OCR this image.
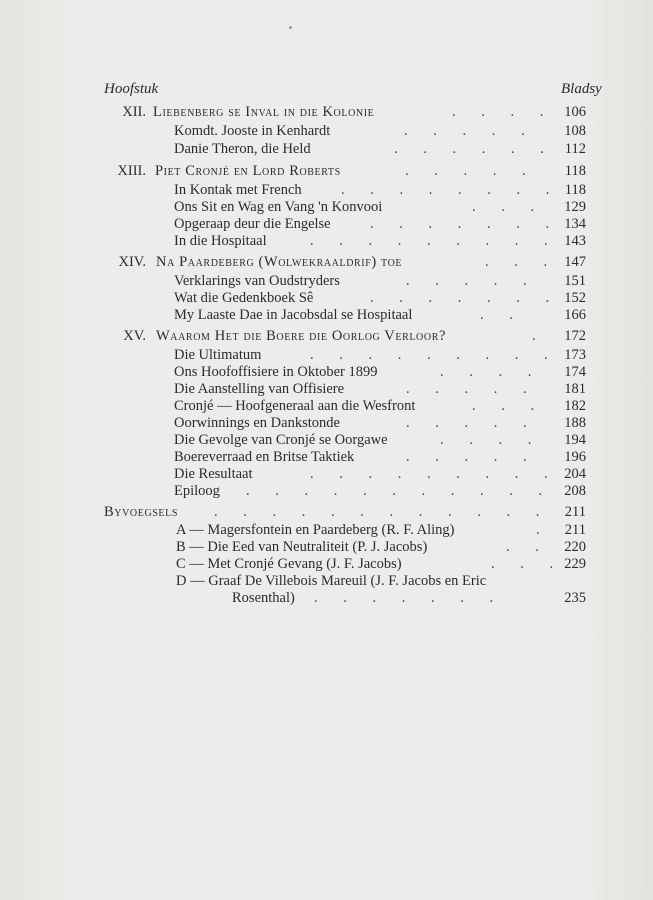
Hoofstuk	Bladsy
XII. Liebenberg se Inval in die Kolonie	. . . . 106
Komdt. Jooste in Kenhardt	. . . . . 108
Danie Theron, die Held	. . . . . . 112
XIII. Piet Cronjé en Lord Roberts	. . . . . 118
In Kontak met French	. . . . . . . . 118
Ons Sit en Wag en Vang 'n Konvooi	. . . 129
Opgeraap deur die Engelse	. . . . . . . 134
In die Hospitaal	. . . . . . . . . 143
XIV. Na Paardeberg (Wolwekraaldrif) toe	. . . 147
Verklarings van Oudstryders	. . . . . 151
Wat die Gedenkboek Sê	. . . . . . . 152
My Laaste Dae in Jacobsdal se Hospitaal	. .	166
XV. Waarom Het die Boere die Oorlog Verloor?	. 172
Die Ultimatum	. . . . . . . . . 173
Ons Hoofoffisiere in Oktober 1899	. . . . 174
Die Aanstelling van Offisiere	. . . . . 181
Cronjé — Hoofgeneraal aan die Wesfront	. . . 182
Oorwinnings en Dankstonde	. . . . . 188
Die Gevolge van Cronjé se Oorgawe	. . . . 194
Boereverraad en Britse Taktiek	. . . . . 196
Die Resultaat	. . . . . . . . . 204
Epiloog . . . . . . . . . . . 208
Byvoegsels . . . . . . . . . . . . 211
A — Magersfontein en Paardeberg (R. F. Aling)	. 211
B — Die Eed van Neutraliteit (P. J. Jacobs)	. . 220
C — Met Cronjé Gevang (J. F. Jacobs)	. . . 229
D — Graaf De Villebois Mareuil (J. F. Jacobs en Eric
Rosenthal) . . . . . . .	235
